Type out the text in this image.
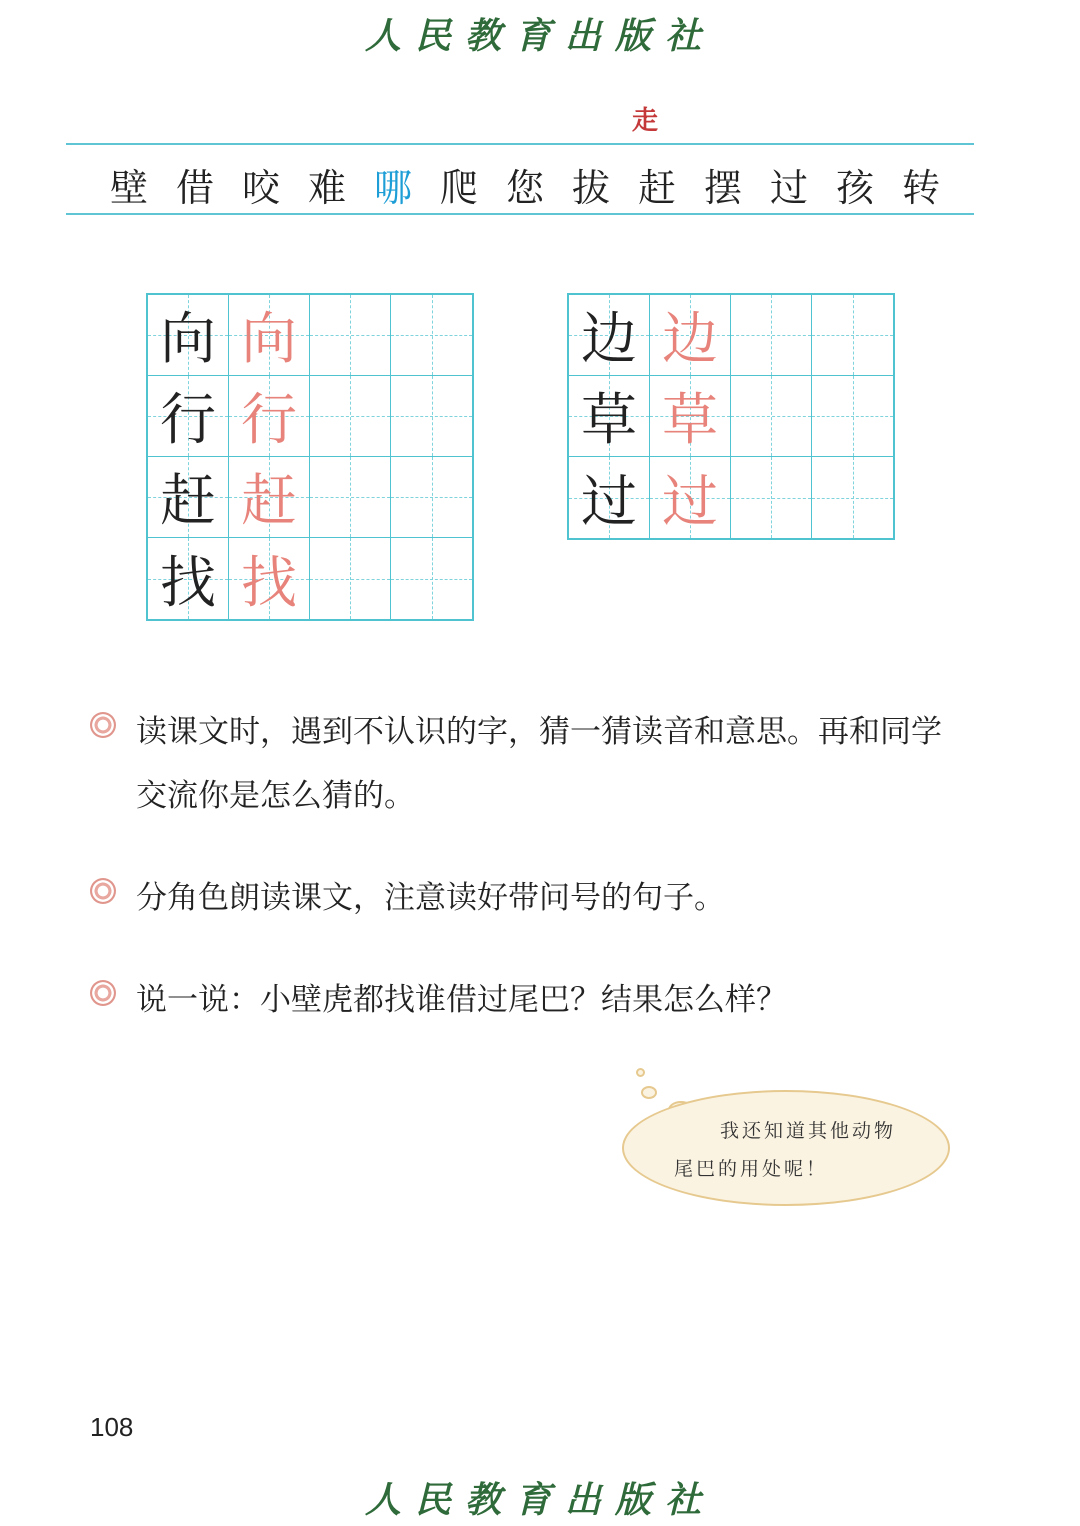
人民教育出版社
走
壁 借 咬 难 哪 爬 您 拔 赶 摆 过 孩 转
向 向
行 行
赶 赶
找 找
边 边
草 草
过 过
读课文时，遇到不认识的字，猜一猜读音和意思。再和同学交流你是怎么猜的。
分角色朗读课文，注意读好带问号的句子。
说一说：小壁虎都找谁借过尾巴？结果怎么样？
我还知道其他动物
尾巴的用处呢！
108
人民教育出版社
